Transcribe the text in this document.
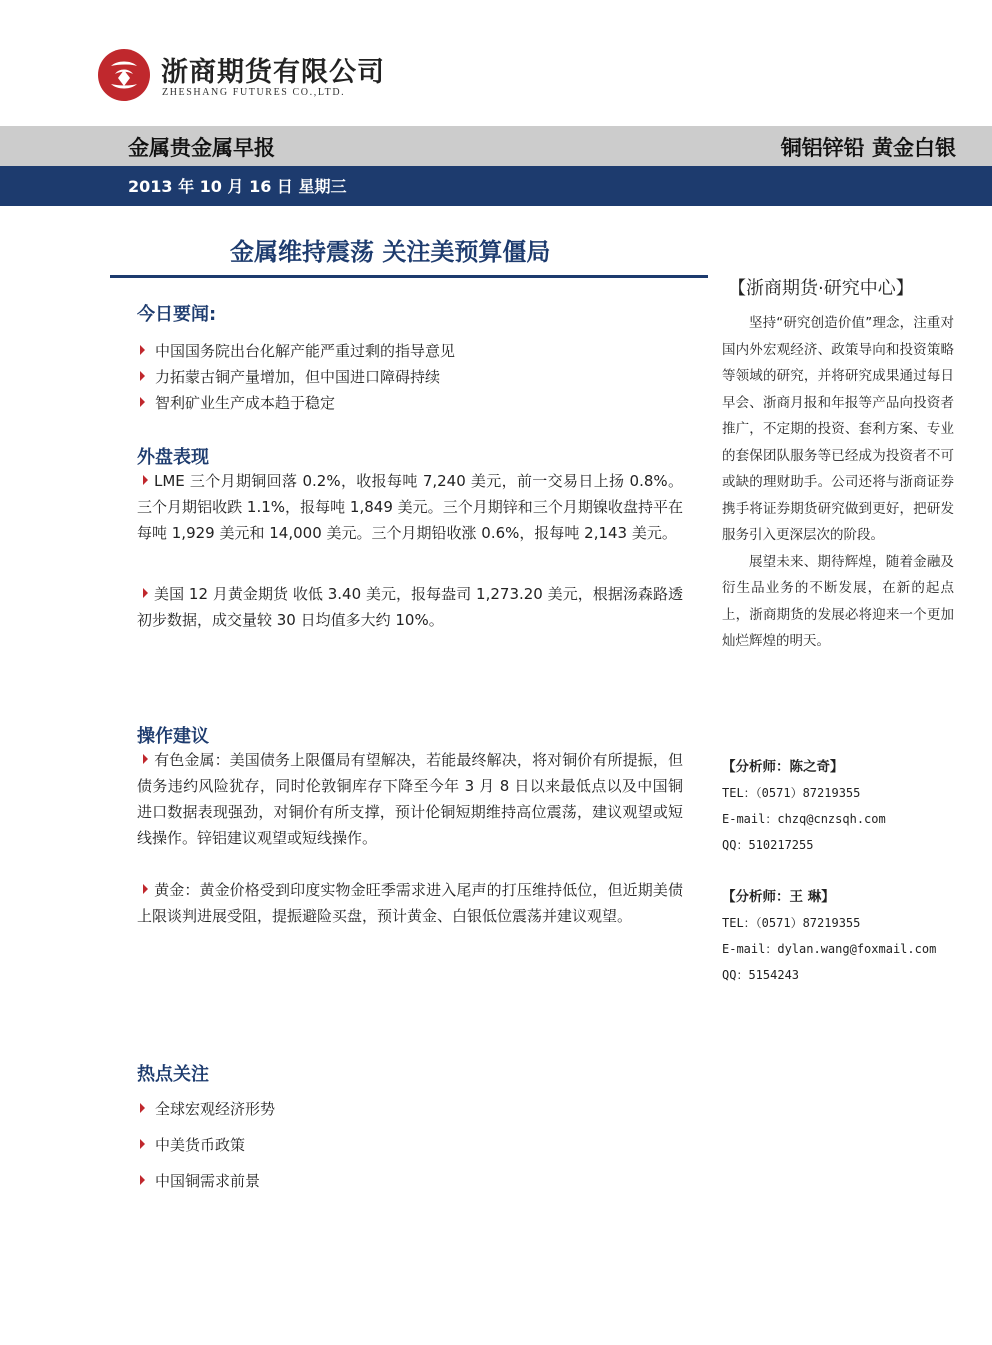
浙商期货有限公司
ZHESHANG FUTURES CO.,LTD.
金属贵金属早报	铜铝锌铅 黄金白银
2013 年 10 月 16 日 星期三
金属维持震荡 关注美预算僵局
今日要闻:
中国国务院出台化解产能严重过剩的指导意见
力拓蒙古铜产量增加，但中国进口障碍持续
智利矿业生产成本趋于稳定
外盘表现
LME 三个月期铜回落 0.2%，收报每吨 7,240 美元，前一交易日上扬 0.8%。三个月期铝收跌 1.1%，报每吨 1,849 美元。三个月期锌和三个月期镍收盘持平在每吨 1,929 美元和 14,000 美元。三个月期铅收涨 0.6%，报每吨 2,143 美元。
美国 12 月黄金期货 收低 3.40 美元，报每盎司 1,273.20 美元，根据汤森路透初步数据，成交量较 30 日均值多大约 10%。
操作建议
有色金属：美国债务上限僵局有望解决，若能最终解决，将对铜价有所提振，但债务违约风险犹存，同时伦敦铜库存下降至今年 3 月 8 日以来最低点以及中国铜进口数据表现强劲，对铜价有所支撑，预计伦铜短期维持高位震荡，建议观望或短线操作。锌铝建议观望或短线操作。
黄金：黄金价格受到印度实物金旺季需求进入尾声的打压维持低位，但近期美债上限谈判进展受阻，提振避险买盘，预计黄金、白银低位震荡并建议观望。
热点关注
全球宏观经济形势
中美货币政策
中国铜需求前景
【浙商期货·研究中心】

坚持“研究创造价值”理念，注重对国内外宏观经济、政策导向和投资策略等领域的研究，并将研究成果通过每日早会、浙商月报和年报等产品向投资者推广，不定期的投资、套利方案、专业的套保团队服务等已经成为投资者不可或缺的理财助手。公司还将与浙商证券携手将证券期货研究做到更好，把研发服务引入更深层次的阶段。

展望未来、期待辉煌，随着金融及衍生品业务的不断发展，在新的起点上，浙商期货的发展必将迎来一个更加灿烂辉煌的明天。

【分析师：陈之奇】
TEL：（0571）87219355
E-mail：chzq@cnzsqh.com
QQ：510217255
【分析师：王 琳】
TEL：（0571）87219355
E-mail：dylan.wang@foxmail.com
QQ：5154243
